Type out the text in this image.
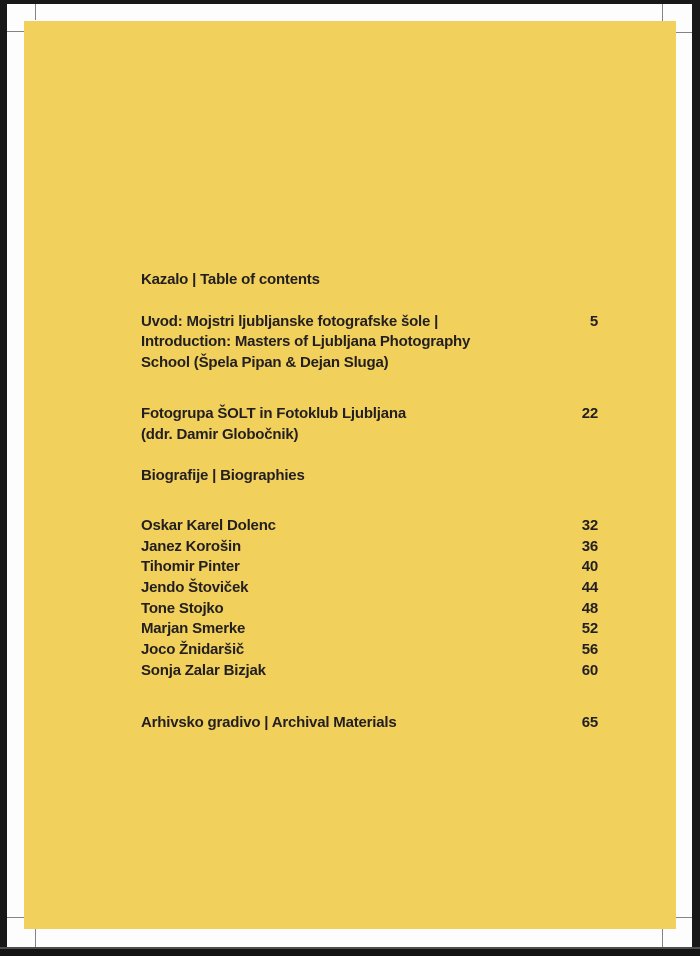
Kazalo | Table of contents
Uvod: Mojstri ljubljanske fotografske šole |	5
Introduction: Masters of Ljubljana Photography
School (Špela Pipan & Dejan Sluga)
Fotogrupa ŠOLT in Fotoklub Ljubljana	22
(ddr. Damir Globočnik)
Biografije | Biographies
Oskar Karel Dolenc	32
Janez Korošin	36
Tihomir Pinter	40
Jendo Štoviček	44
Tone Stojko	48
Marjan Smerke	52
Joco Žnidaršič	56
Sonja Zalar Bizjak	60
Arhivsko gradivo | Archival Materials	65
